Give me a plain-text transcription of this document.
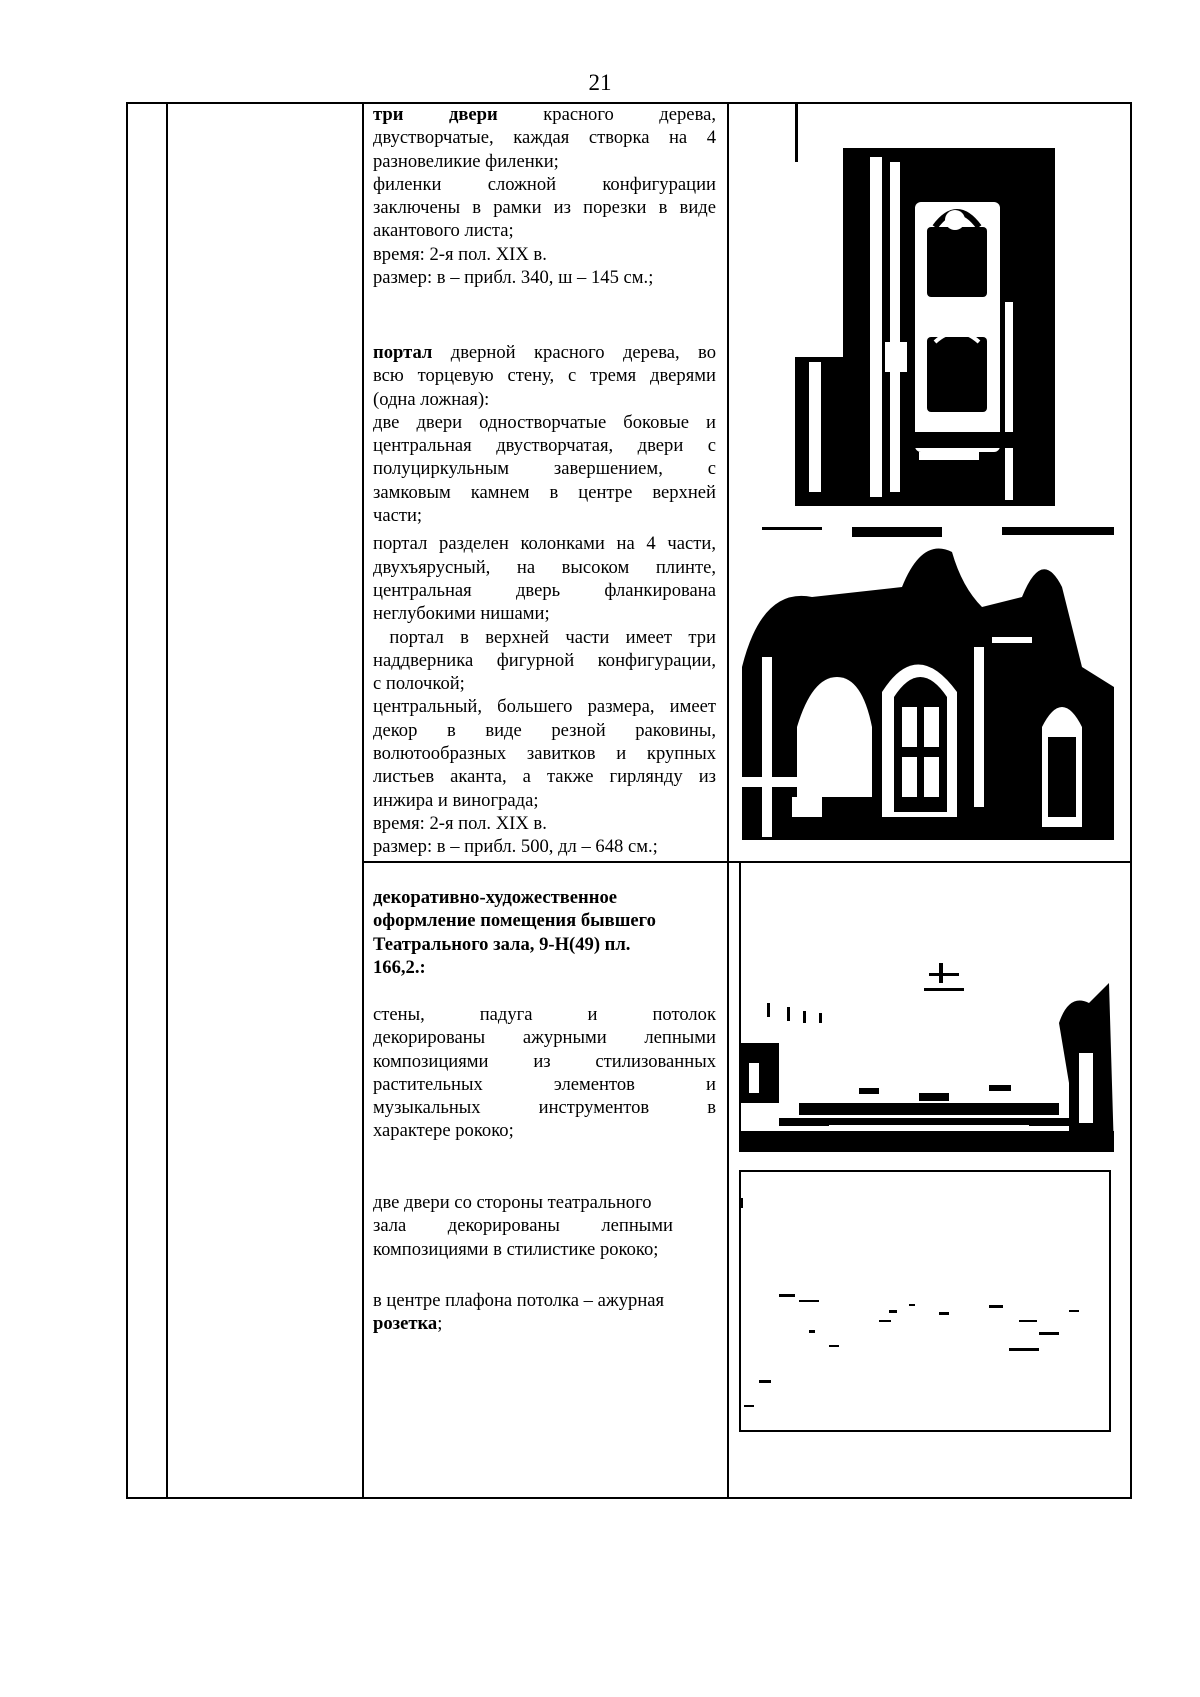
21

три двери красного дерева,

двустворчатые, каждая створка на 4

разновеликие филенки;

филенки сложной конфигурации

заключены в рамки из порезки в виде

акантового листа;

время: 2-я пол. XIX в.

размер: в – прибл. 340, ш – 145 см.;

портал дверной красного дерева, во

всю торцевую стену, с тремя дверями

(одна ложная):

две двери одностворчатые боковые и

центральная двустворчатая, двери с

полуциркульным завершением, с

замковым камнем в центре верхней

части;

портал разделен колонками на 4 части,

двухъярусный, на высоком плинте,

центральная дверь фланкирована

неглубокими нишами;

портал в верхней части имеет три

наддверника фигурной конфигурации,

с полочкой;

центральный, большего размера, имеет

декор в виде резной раковины,

волютообразных завитков и крупных

листьев аканта, а также гирлянду из

инжира и винограда;

время: 2-я пол. XIX в.

размер: в – прибл. 500, дл – 648 см.;

декоративно-художественное

оформление помещения бывшего

Театрального зала, 9-Н(49) пл.

166,2.:

стены, падуга и потолок

декорированы ажурными лепными

композициями из стилизованных

растительных элементов и

музыкальных инструментов в

характере рококо;

две двери со стороны театрального

зала декорированы лепными

композициями в стилистике рококо;

в центре плафона потолка – ажурная

розетка;
